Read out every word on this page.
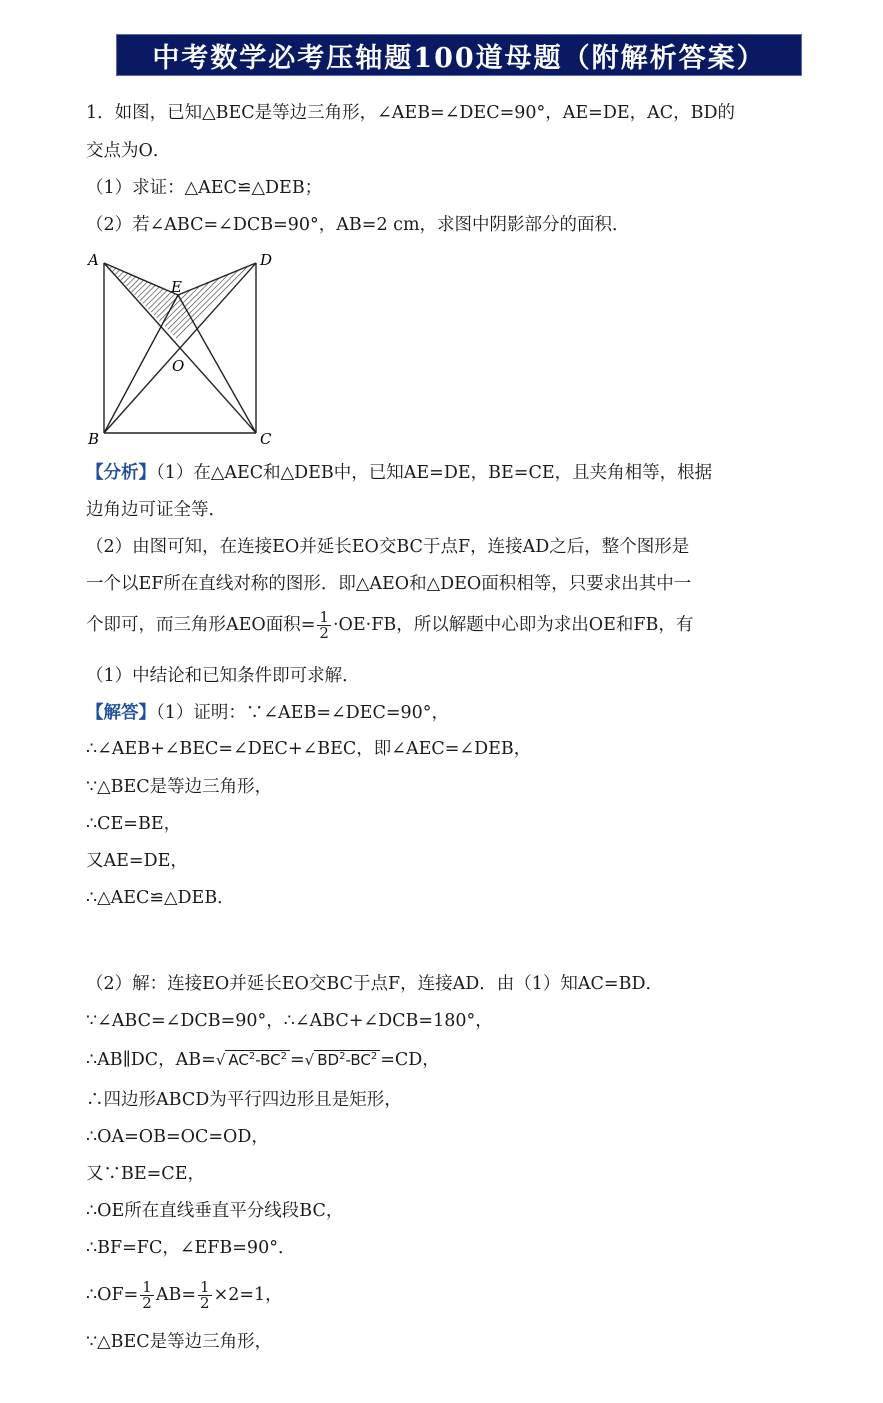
中考数学必考压轴题100道母题（附解析答案）
1．如图，已知△BEC是等边三角形，∠AEB=∠DEC=90°，AE=DE，AC，BD的
交点为O．
（1）求证：△AEC≌△DEB；
（2）若∠ABC=∠DCB=90°，AB=2 cm，求图中阴影部分的面积．
A	D
E
O
B	C
【分析】（1）在△AEC和△DEB中，已知AE=DE，BE=CE，且夹角相等，根据
边角边可证全等．
（2）由图可知，在连接EO并延长EO交BC于点F，连接AD之后，整个图形是
一个以EF所在直线对称的图形．即△AEO和△DEO面积相等，只要求出其中一
个即可，而三角形AEO面积= $\frac{1}{2} \cdot OE\cdot FB$，所以解题中心即为求出OE和FB，有
（1）中结论和已知条件即可求解．
【解答】（1）证明：∵∠AEB=∠DEC=90°，
∴∠AEB+∠BEC=∠DEC+∠BEC，即∠AEC=∠DEB，
∵△BEC是等边三角形，
∴CE=BE，
又AE=DE，
∴△AEC≌△DEB．
（2）解：连接EO并延长EO交BC于点F，连接AD．由（1）知AC=BD．
∵∠ABC=∠DCB=90°，∴∠ABC+∠DCB=180°，
∴AB∥DC，AB=√ $AC^2-BC^2$ =√ $BD^2-BC^2 =CD$，
∴四边形ABCD为平行四边形且是矩形，
∴OA=OB=OC=OD，
又∵BE=CE，
∴OE所在直线垂直平分线段BC，
∴BF=FC，∠EFB=90°．
∴OF= $\frac{1}{2} AB= \frac{1}{2} \times 2=1$，
∵△BEC是等边三角形，
